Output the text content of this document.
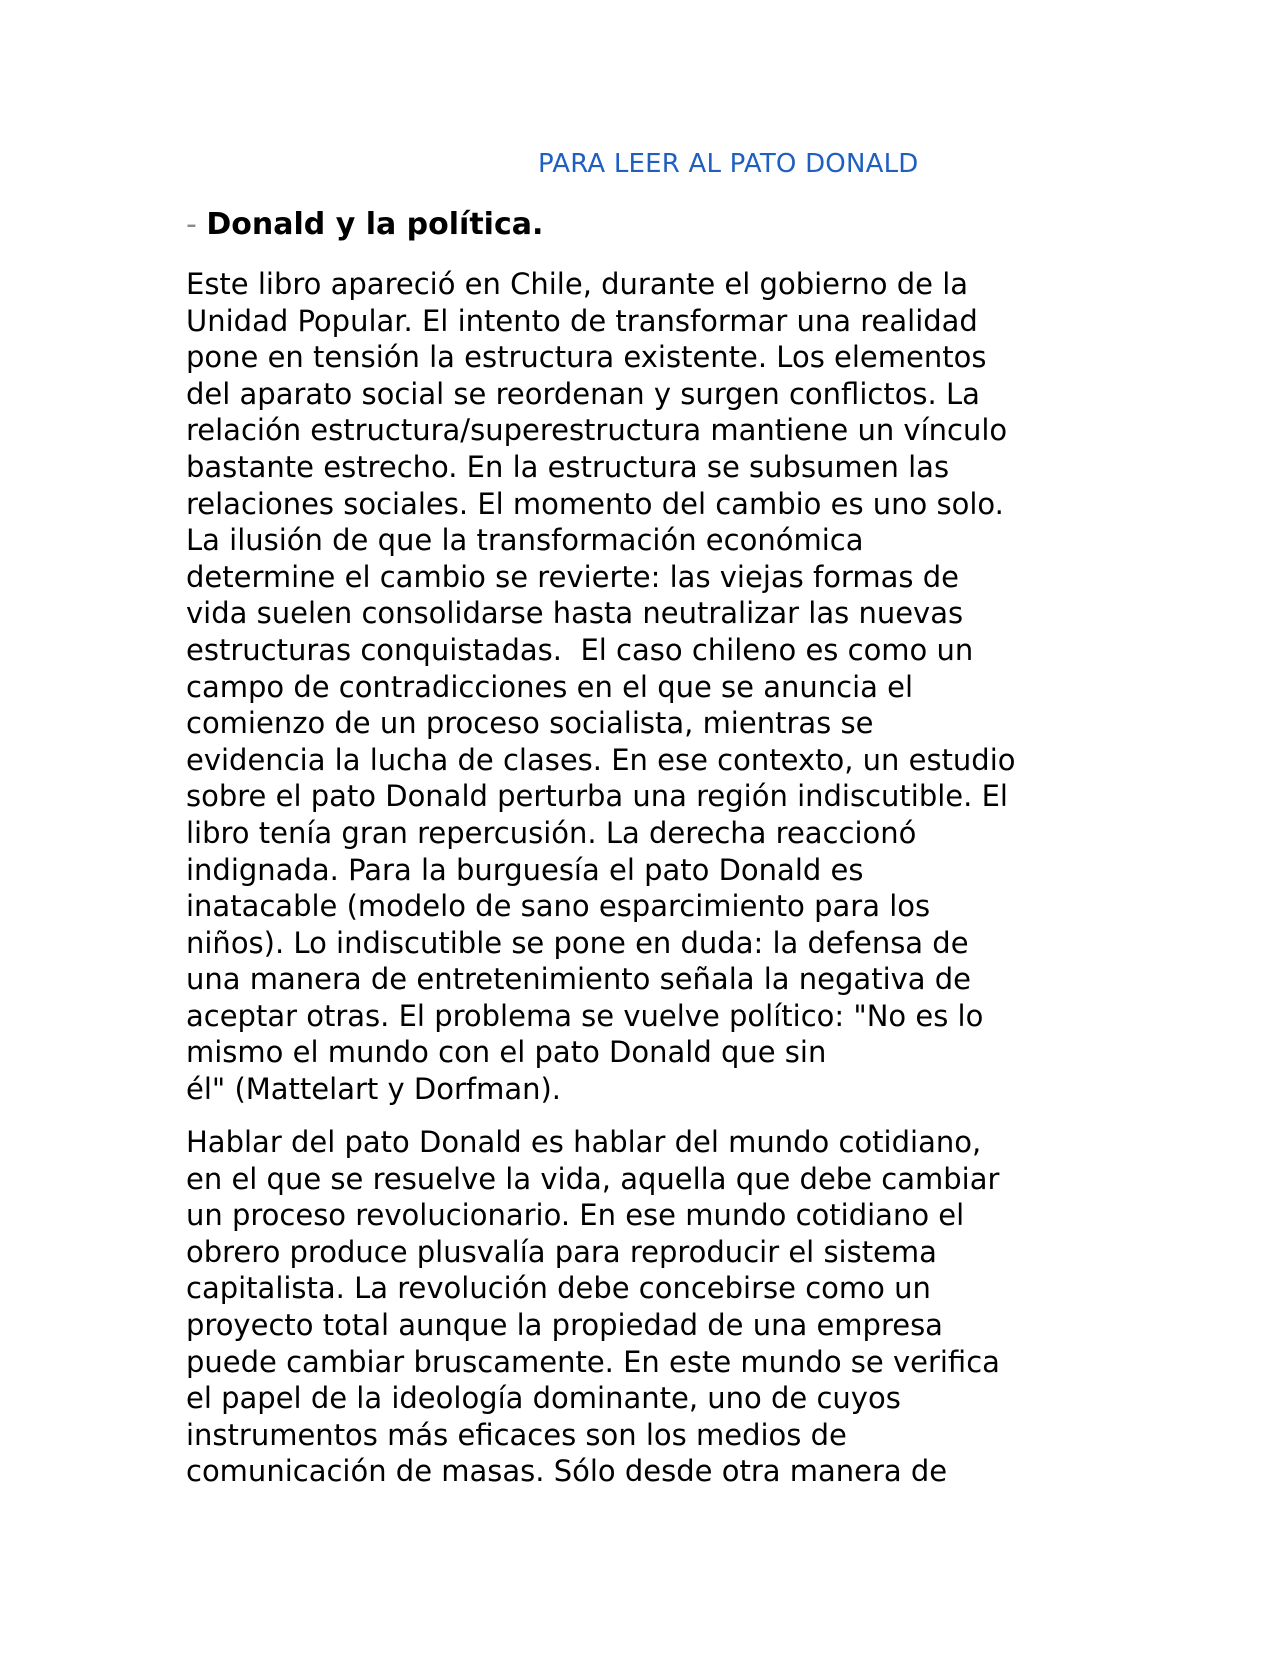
PARA LEER AL PATO DONALD
- Donald y la política.
Este libro apareció en Chile, durante el gobierno de la
Unidad Popular. El intento de transformar una realidad
pone en tensión la estructura existente. Los elementos
del aparato social se reordenan y surgen conflictos. La
relación estructura/superestructura mantiene un vínculo
bastante estrecho. En la estructura se subsumen las
relaciones sociales. El momento del cambio es uno solo.
La ilusión de que la transformación económica
determine el cambio se revierte: las viejas formas de
vida suelen consolidarse hasta neutralizar las nuevas
estructuras conquistadas.  El caso chileno es como un
campo de contradicciones en el que se anuncia el
comienzo de un proceso socialista, mientras se
evidencia la lucha de clases. En ese contexto, un estudio
sobre el pato Donald perturba una región indiscutible. El
libro tenía gran repercusión. La derecha reaccionó
indignada. Para la burguesía el pato Donald es
inatacable (modelo de sano esparcimiento para los
niños). Lo indiscutible se pone en duda: la defensa de
una manera de entretenimiento señala la negativa de
aceptar otras. El problema se vuelve político: "No es lo
mismo el mundo con el pato Donald que sin
él" (Mattelart y Dorfman).
Hablar del pato Donald es hablar del mundo cotidiano,
en el que se resuelve la vida, aquella que debe cambiar
un proceso revolucionario. En ese mundo cotidiano el
obrero produce plusvalía para reproducir el sistema
capitalista. La revolución debe concebirse como un
proyecto total aunque la propiedad de una empresa
puede cambiar bruscamente. En este mundo se verifica
el papel de la ideología dominante, uno de cuyos
instrumentos más eficaces son los medios de
comunicación de masas. Sólo desde otra manera de
